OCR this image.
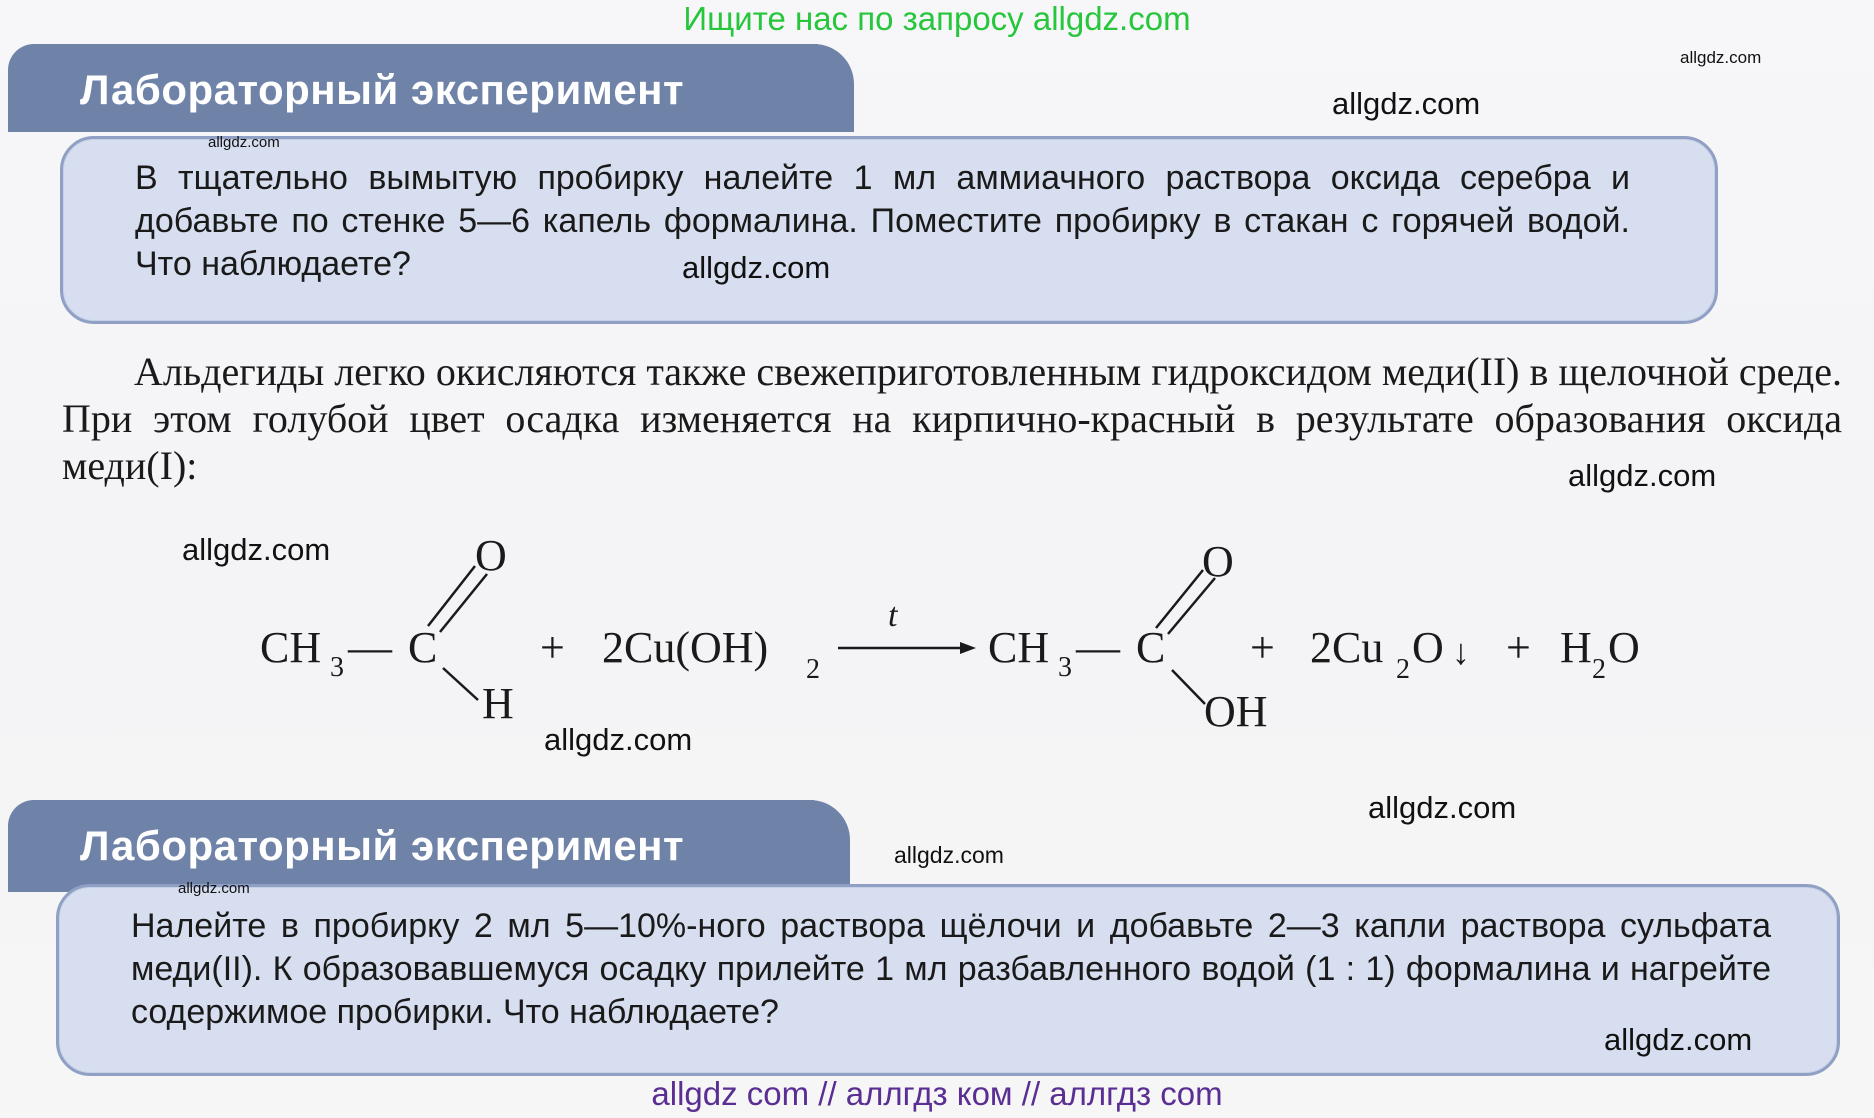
Ищите нас по запросу allgdz.com
Лабораторный эксперимент

В тщательно вымытую пробирку налейте 1 мл аммиачного раствора оксида серебра и добавьте по стенке 5—6 капель формалина. Поместите пробирку в стакан с горячей водой. Что наблюдаете?

Альдегиды легко окисляются также свежеприготовленным гидроксидом меди(II) в щелочной среде. При этом голубой цвет осадка изменяется на кирпично-красный в результате образования оксида меди(I):
CH 3 — C
O
H
+ 2Cu(OH) 2
t
CH 3 — C
O
OH
+ 2Cu 2 O ↓ + H 2 O
Лабораторный эксперимент

Налейте в пробирку 2 мл 5—10%-ного раствора щёлочи и добавьте 2—3 капли раствора сульфата меди(II). К образовавшемуся осадку прилейте 1 мл разбавленного водой (1 : 1) формалина и нагрейте содержимое пробирки. Что наблюдаете?

allgdz.com
allgdz.com
allgdz.com
allgdz.com
allgdz.com
allgdz.com
allgdz.com
allgdz.com
allgdz.com
allgdz.com
allgdz.com
allgdz com // аллгдз ком // аллгдз com
